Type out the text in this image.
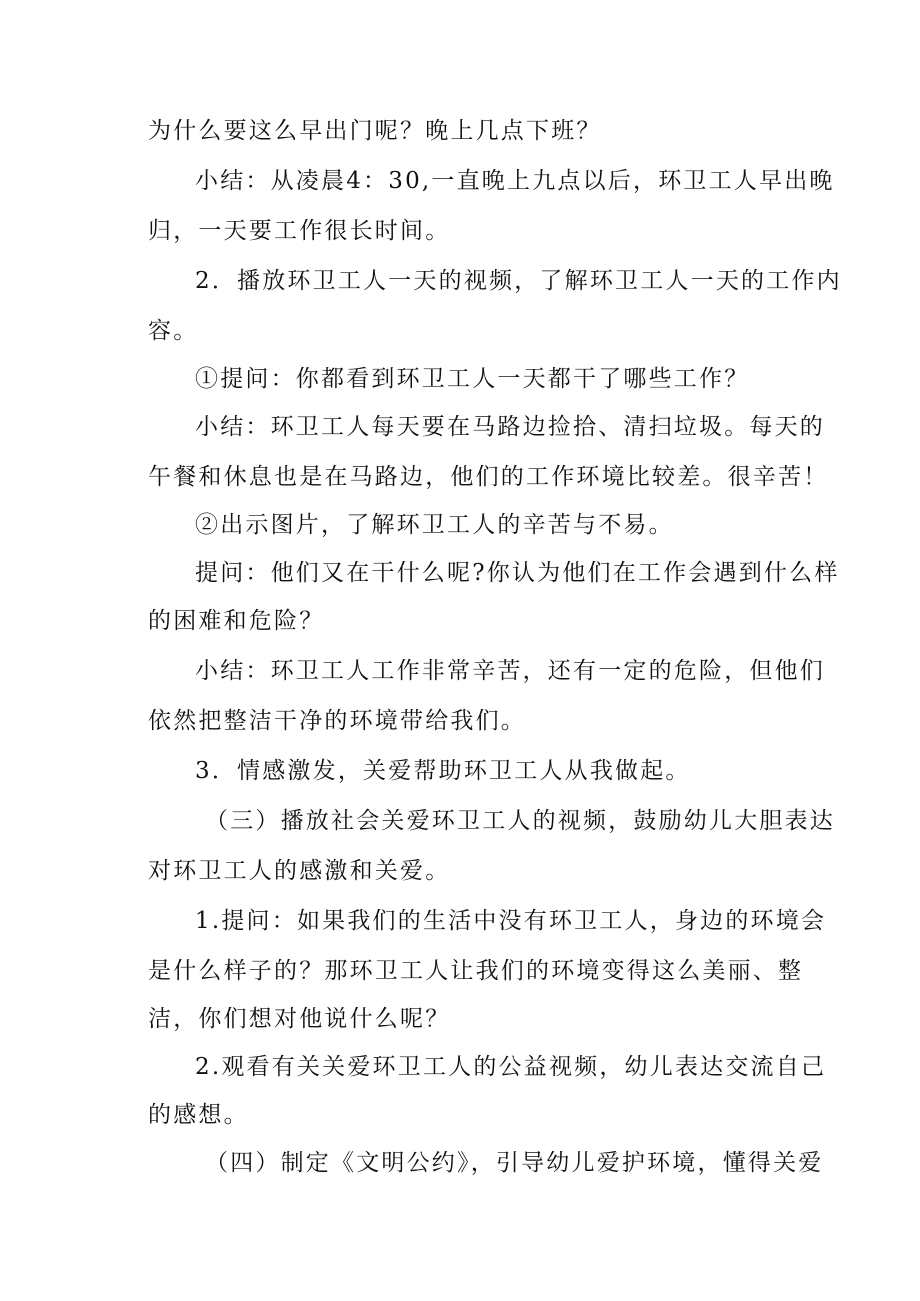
为什么要这么早出门呢？晚上几点下班？

小结：从凌晨4：30,一直晚上九点以后，环卫工人早出晚

归，一天要工作很长时间。

2．播放环卫工人一天的视频，了解环卫工人一天的工作内

容。

①提问：你都看到环卫工人一天都干了哪些工作？

小结：环卫工人每天要在马路边捡拾、清扫垃圾。每天的

午餐和休息也是在马路边，他们的工作环境比较差。很辛苦！

②出示图片，了解环卫工人的辛苦与不易。

提问：他们又在干什么呢?你认为他们在工作会遇到什么样

的困难和危险？

小结：环卫工人工作非常辛苦，还有一定的危险，但他们

依然把整洁干净的环境带给我们。

3．情感激发，关爱帮助环卫工人从我做起。

（三）播放社会关爱环卫工人的视频，鼓励幼儿大胆表达

对环卫工人的感激和关爱。

1.提问：如果我们的生活中没有环卫工人，身边的环境会

是什么样子的？那环卫工人让我们的环境变得这么美丽、整

洁，你们想对他说什么呢？

2.观看有关关爱环卫工人的公益视频，幼儿表达交流自己

的感想。

（四）制定《文明公约》，引导幼儿爱护环境，懂得关爱
